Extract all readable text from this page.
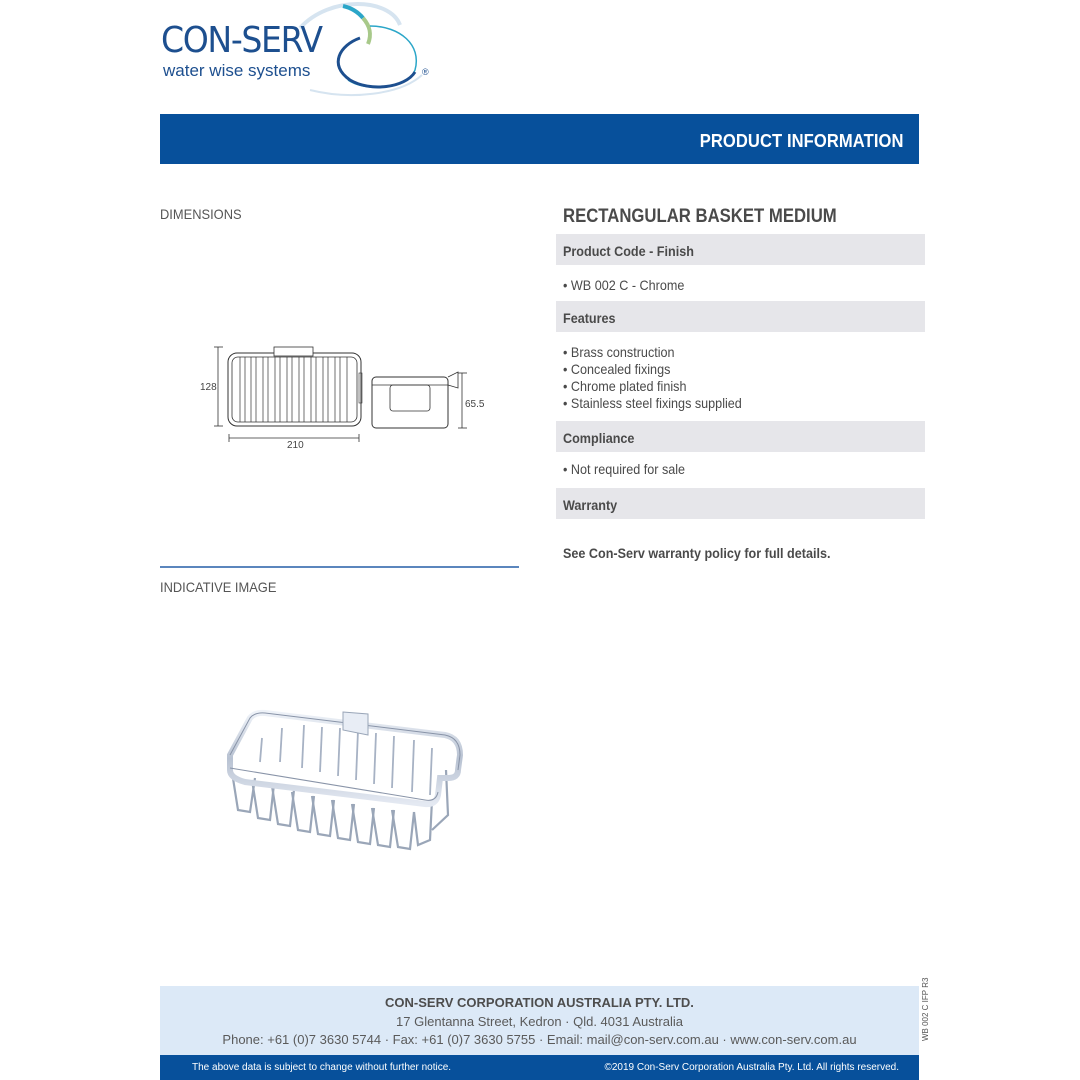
CON-SERV
water wise systems	®
PRODUCT INFORMATION
DIMENSIONS
128
210
65.5
INDICATIVE IMAGE
RECTANGULAR BASKET MEDIUM
Product Code - Finish
• WB 002 C - Chrome
Features
• Brass construction
• Concealed fixings
• Chrome plated finish
• Stainless steel fixings supplied
Compliance
• Not required for sale
Warranty
See Con-Serv warranty policy for full details.
CON-SERV CORPORATION AUSTRALIA PTY. LTD.
17 Glentanna Street, Kedron · Qld. 4031 Australia
Phone: +61 (0)7 3630 5744 · Fax: +61 (0)7 3630 5755 · Email: mail@con-serv.com.au · www.con-serv.com.au
The above data is subject to change without further notice.	©2019 Con-Serv Corporation Australia Pty. Ltd. All rights reserved.
WB 002 C IFP R3
